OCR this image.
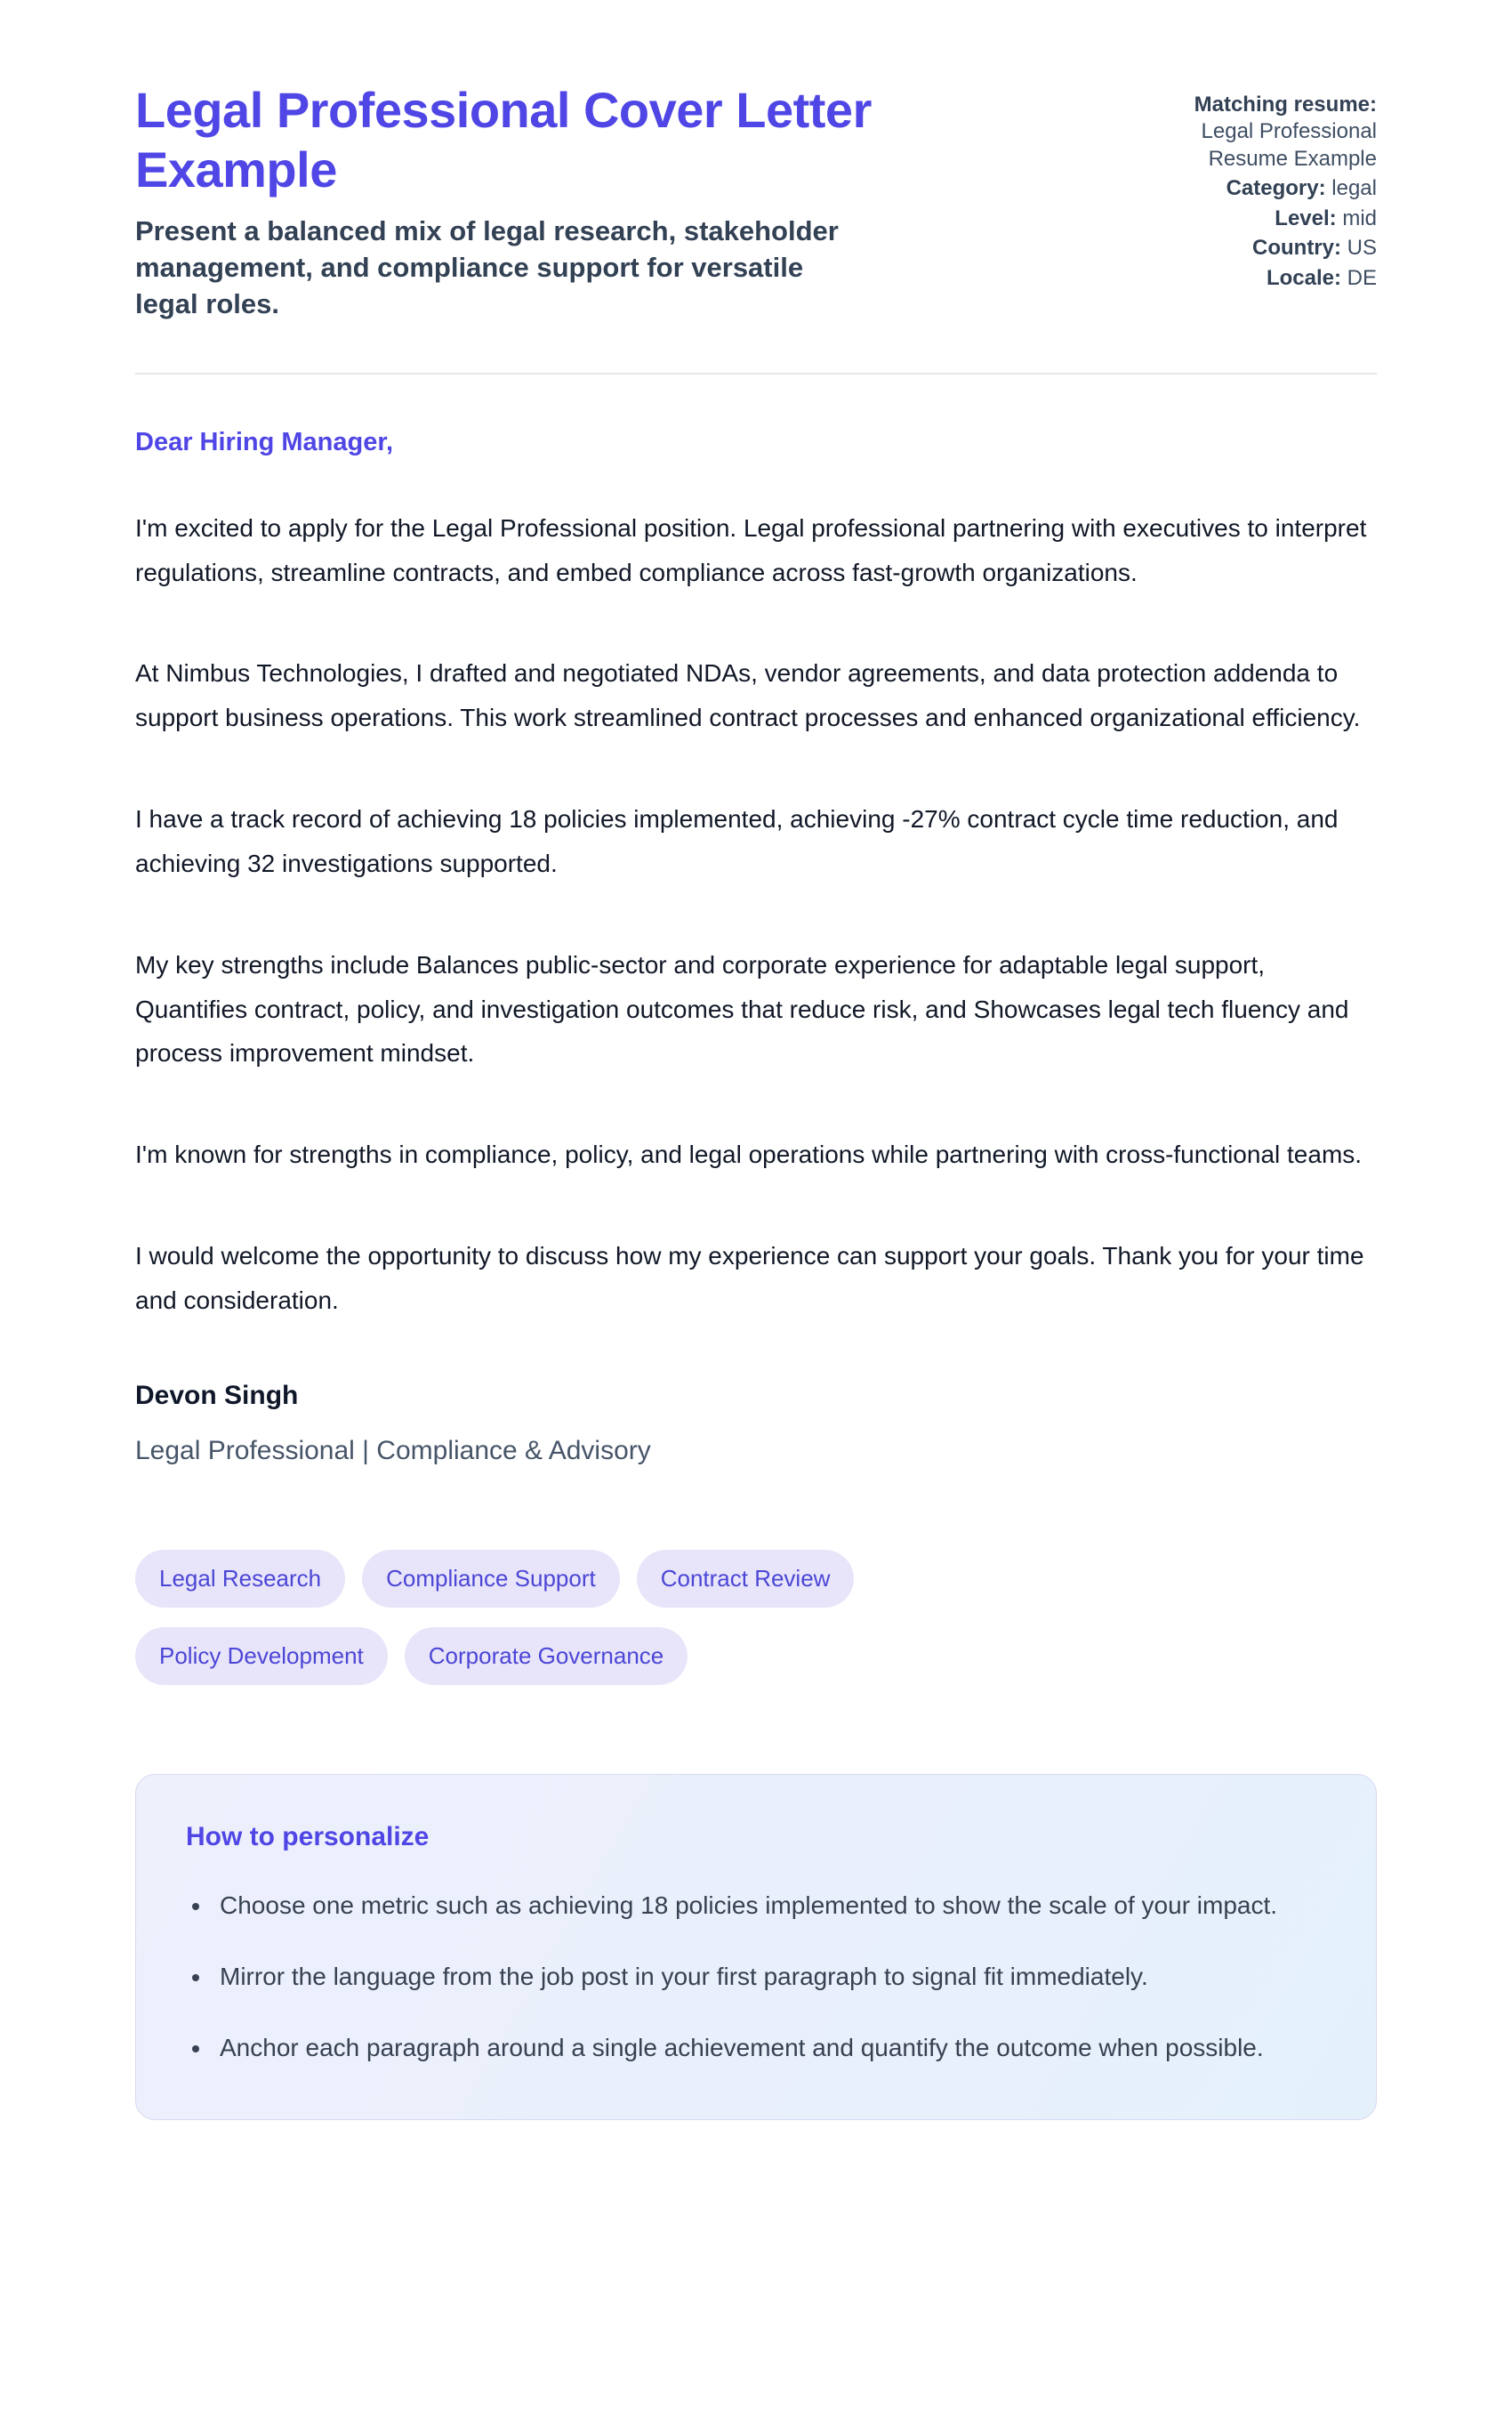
Legal Professional Cover Letter Example
Present a balanced mix of legal research, stakeholder management, and compliance support for versatile legal roles.
Matching resume:
Legal Professional Resume Example
Category: legal
Level: mid
Country: US
Locale: DE
Dear Hiring Manager,

I'm excited to apply for the Legal Professional position. Legal professional partnering with executives to interpret regulations, streamline contracts, and embed compliance across fast-growth organizations.

At Nimbus Technologies, I drafted and negotiated NDAs, vendor agreements, and data protection addenda to support business operations. This work streamlined contract processes and enhanced organizational efficiency.

I have a track record of achieving 18 policies implemented, achieving -27% contract cycle time reduction, and achieving 32 investigations supported.

My key strengths include Balances public-sector and corporate experience for adaptable legal support, Quantifies contract, policy, and investigation outcomes that reduce risk, and Showcases legal tech fluency and process improvement mindset.

I'm known for strengths in compliance, policy, and legal operations while partnering with cross-functional teams.

I would welcome the opportunity to discuss how my experience can support your goals. Thank you for your time and consideration.

Devon Singh
Legal Professional | Compliance & Advisory
Legal Research	Compliance Support	Contract Review
Policy Development	Corporate Governance
How to personalize
• Choose one metric such as achieving 18 policies implemented to show the scale of your impact.
• Mirror the language from the job post in your first paragraph to signal fit immediately.
• Anchor each paragraph around a single achievement and quantify the outcome when possible.
